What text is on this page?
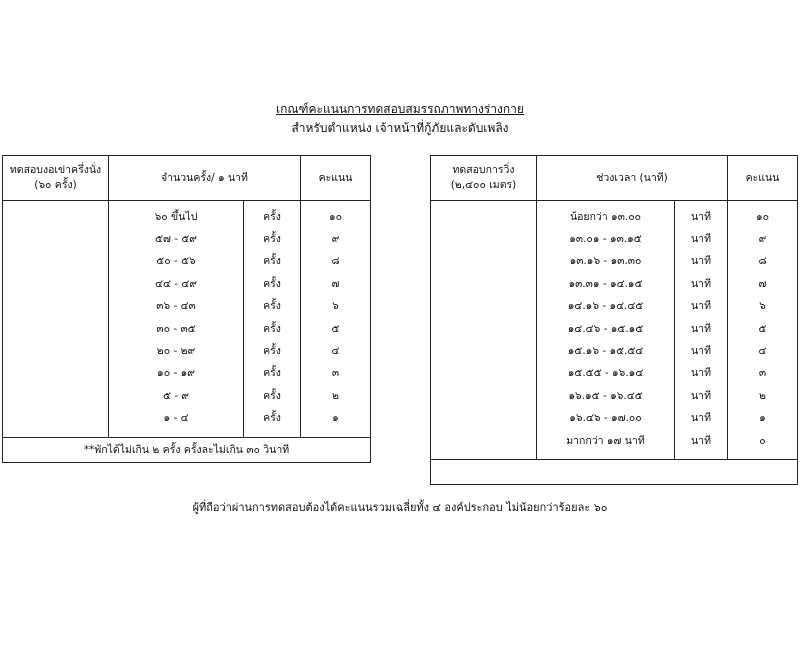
เกณฑ์คะแนนการทดสอบสมรรถภาพทางร่างกาย
สำหรับตำแหน่ง เจ้าหน้าที่กู้ภัยและดับเพลิง
ทดสอบงอเข่าครึ่งนั่ง
(๖๐ ครั้ง)	จำนวนครั้ง/ ๑ นาที		คะแนน

	๖๐ ขึ้นไป	ครั้ง	๑๐
	๕๗ - ๕๙	ครั้ง	๙
	๕๐ - ๕๖	ครั้ง	๘
	๔๔ - ๔๙	ครั้ง	๗
	๓๖ - ๔๓	ครั้ง	๖
	๓๐ - ๓๕	ครั้ง	๕
	๒๐ - ๒๙	ครั้ง	๔
	๑๐ - ๑๙	ครั้ง	๓
	๕ - ๙	ครั้ง	๒
	๑ - ๔	ครั้ง	๑

**พักได้ไม่เกิน ๒ ครั้ง ครั้งละไม่เกิน ๓๐ วินาที			
ทดสอบการวิ่ง
(๒,๔๐๐ เมตร)	ช่วงเวลา (นาที)		คะแนน

	น้อยกว่า ๑๓.๐๐	นาที	๑๐
	๑๓.๐๑ - ๑๓.๑๕	นาที	๙
	๑๓.๑๖ - ๑๓.๓๐	นาที	๘
	๑๓.๓๑ - ๑๔.๑๕	นาที	๗
	๑๔.๑๖ - ๑๔.๔๕	นาที	๖
	๑๔.๔๖ - ๑๕.๑๕	นาที	๕
	๑๕.๑๖ - ๑๕.๕๔	นาที	๔
	๑๕.๕๕ - ๑๖.๑๔	นาที	๓
	๑๖.๑๕ - ๑๖.๔๕	นาที	๒
	๑๖.๔๖ - ๑๗.๐๐	นาที	๑
	มากกว่า ๑๗ นาที	นาที	๐

ผู้ที่ถือว่าผ่านการทดสอบต้องได้คะแนนรวมเฉลี่ยทั้ง ๔ องค์ประกอบ ไม่น้อยกว่าร้อยละ ๖๐
